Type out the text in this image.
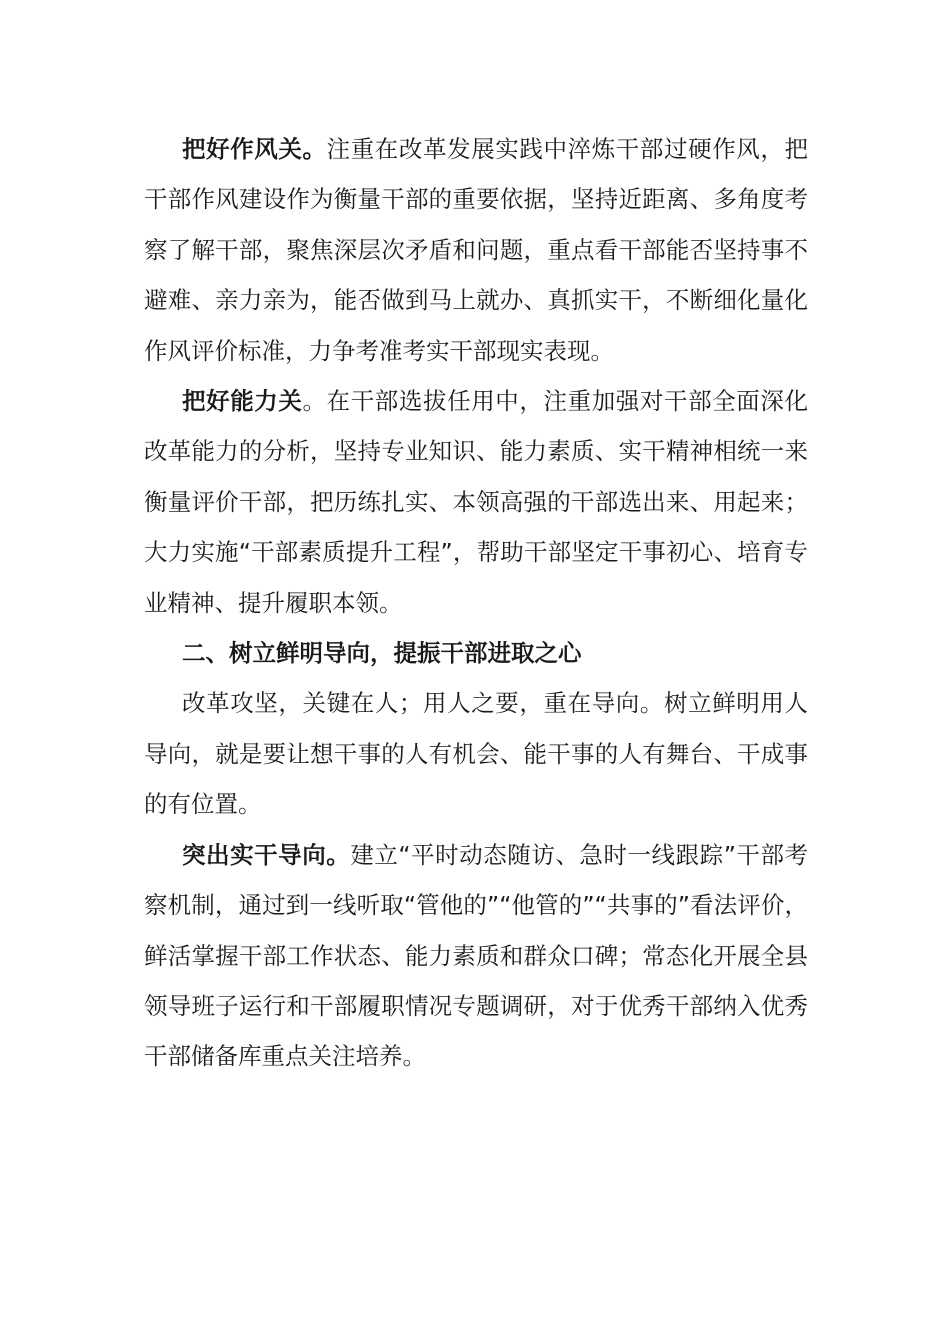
把好作风关。注重在改革发展实践中淬炼干部过硬作风，把干部作风建设作为衡量干部的重要依据，坚持近距离、多角度考察了解干部，聚焦深层次矛盾和问题，重点看干部能否坚持事不避难、亲力亲为，能否做到马上就办、真抓实干，不断细化量化作风评价标准，力争考准考实干部现实表现。

把好能力关。在干部选拔任用中，注重加强对干部全面深化改革能力的分析，坚持专业知识、能力素质、实干精神相统一来衡量评价干部，把历练扎实、本领高强的干部选出来、用起来；大力实施“干部素质提升工程”，帮助干部坚定干事初心、培育专业精神、提升履职本领。

二、树立鲜明导向，提振干部进取之心

改革攻坚，关键在人；用人之要，重在导向。树立鲜明用人导向，就是要让想干事的人有机会、能干事的人有舞台、干成事的有位置。

突出实干导向。建立“平时动态随访、急时一线跟踪”干部考察机制，通过到一线听取“管他的”“他管的”“共事的”看法评价，鲜活掌握干部工作状态、能力素质和群众口碑；常态化开展全县领导班子运行和干部履职情况专题调研，对于优秀干部纳入优秀干部储备库重点关注培养。
